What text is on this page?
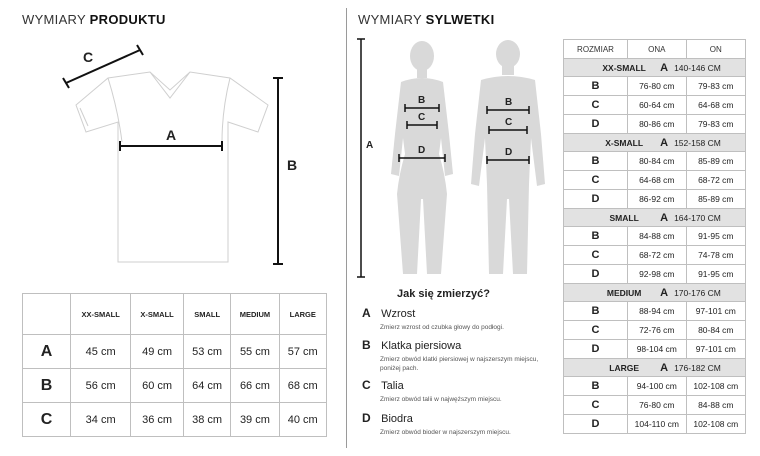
WYMIARY PRODUKTU
C
A
B
	XX-SMALL	X-SMALL	SMALL	MEDIUM	LARGE
A	45 cm	49 cm	53 cm	55 cm	57 cm
B	56 cm	60 cm	64 cm	66 cm	68 cm
C	34 cm	36 cm	38 cm	39 cm	40 cm
WYMIARY SYLWETKI
A
B
C
D
B
C
D
Jak się zmierzyć?
A Wzrost
Zmierz wzrost od czubka głowy do podłogi.
B Klatka piersiowa
Zmierz obwód klatki piersiowej w najszerszym miejscu, poniżej pach.
C Talia
Zmierz obwód talii w najwęższym miejscu.
D Biodra
Zmierz obwód bioder w najszerszym miejscu.
ROZMIAR	ONA	ON
XX-SMALL A 140-146 CM		
B	76-80 cm	79-83 cm
C	60-64 cm	64-68 cm
D	80-86 cm	79-83 cm
X-SMALL A 152-158 CM		
B	80-84 cm	85-89 cm
C	64-68 cm	68-72 cm
D	86-92 cm	85-89 cm
SMALL A 164-170 CM		
B	84-88 cm	91-95 cm
C	68-72 cm	74-78 cm
D	92-98 cm	91-95 cm
MEDIUM A 170-176 CM		
B	88-94 cm	97-101 cm
C	72-76 cm	80-84 cm
D	98-104 cm	97-101 cm
LARGE A 176-182 CM		
B	94-100 cm	102-108 cm
C	76-80 cm	84-88 cm
D	104-110 cm	102-108 cm
